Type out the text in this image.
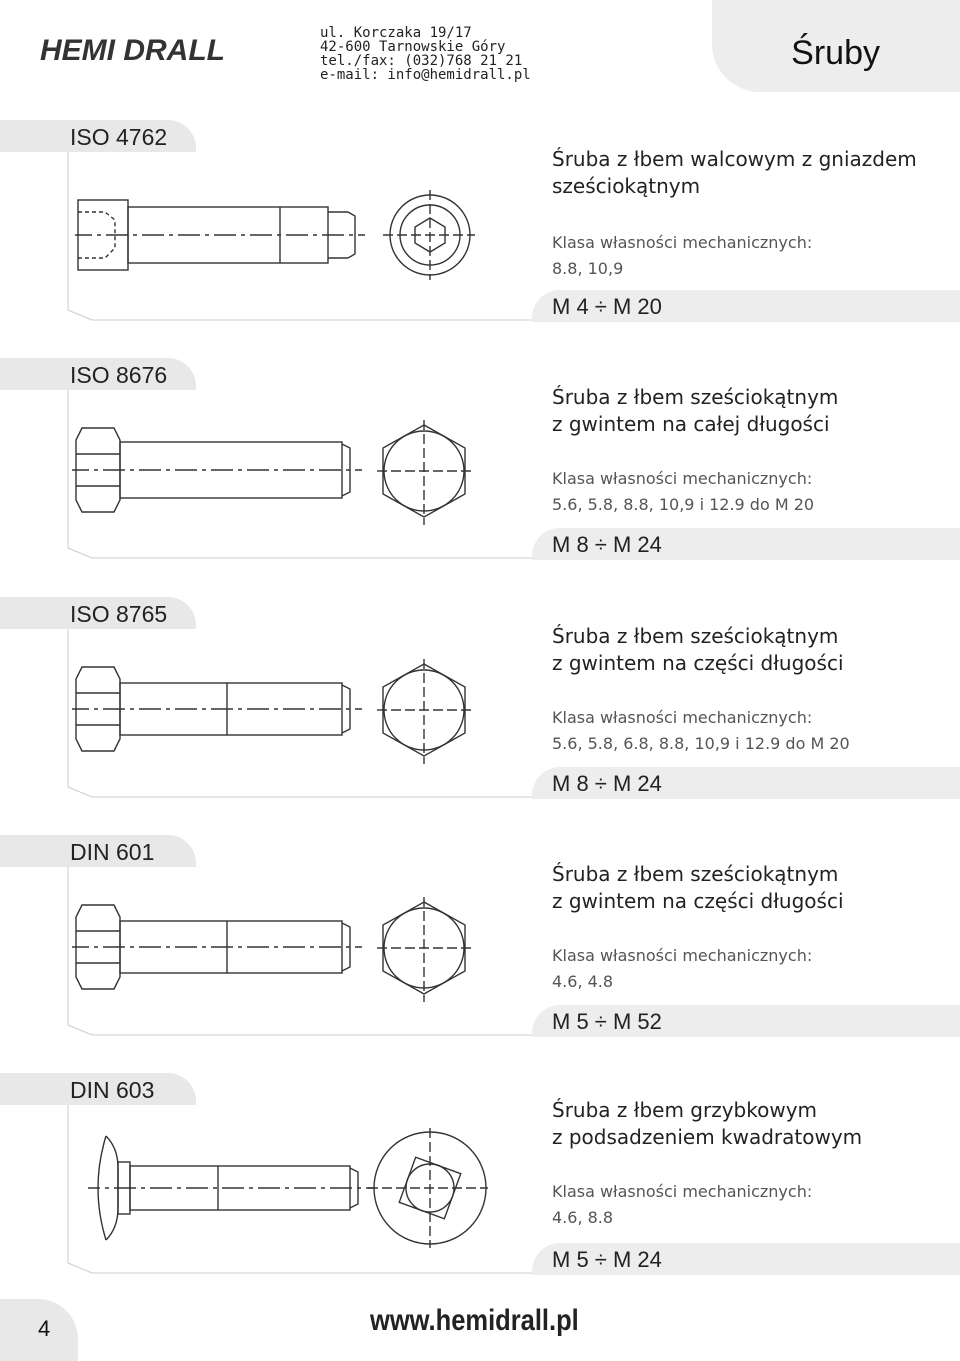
HEMI DRALL
ul. Korczaka 19/17
42-600 Tarnowskie Góry
tel./fax: (032)768 21 21
e-mail: info@hemidrall.pl
Śruby
ISO 4762
Śruba z łbem walcowym z gniazdem
sześciokątnym
Klasa własności mechanicznych:
8.8, 10,9
M 4 ÷ M 20
ISO 8676
Śruba z łbem sześciokątnym
z gwintem na całej długości
Klasa własności mechanicznych:
5.6, 5.8, 8.8, 10,9 i 12.9 do M 20
M 8 ÷ M 24
ISO 8765
Śruba z łbem sześciokątnym
z gwintem na części długości
Klasa własności mechanicznych:
5.6, 5.8, 6.8, 8.8, 10,9 i 12.9 do M 20
M 8 ÷ M 24
DIN 601
Śruba z łbem sześciokątnym
z gwintem na części długości
Klasa własności mechanicznych:
4.6, 4.8
M 5 ÷ M 52
DIN 603
Śruba z łbem grzybkowym
z podsadzeniem kwadratowym
Klasa własności mechanicznych:
4.6, 8.8
M 5 ÷ M 24
4	www.hemidrall.pl
